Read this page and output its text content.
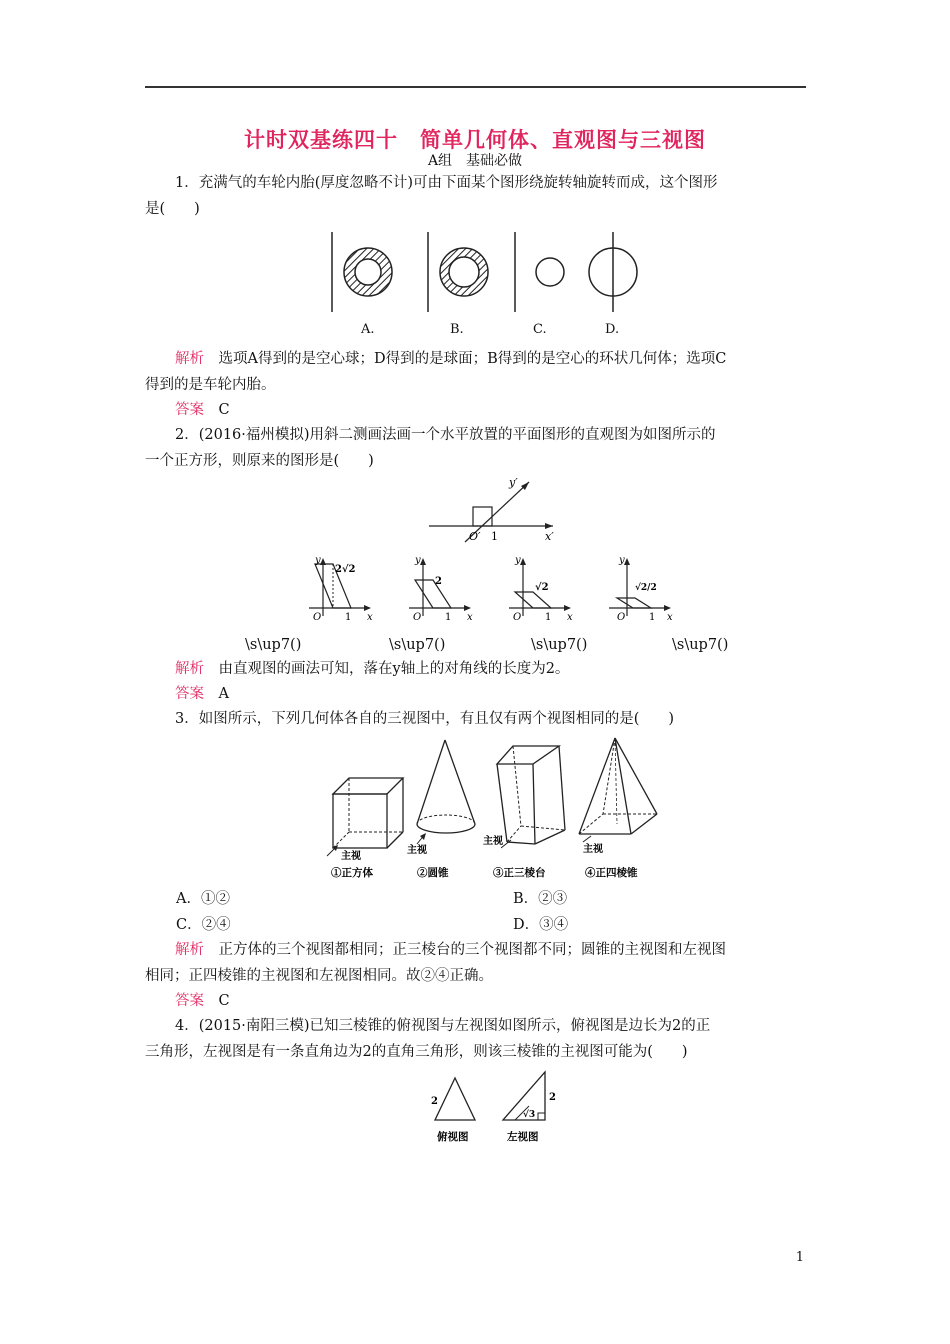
计时双基练四十　简单几何体、直观图与三视图
A组　基础必做
1．充满气的车轮内胎(厚度忽略不计)可由下面某个图形绕旋转轴旋转而成，这个图形
是(　　)
A.	B.	C.	D.
解析　选项A得到的是空心球；D得到的是球面；B得到的是空心的环状几何体；选项C
得到的是车轮内胎。
答案　C
2．(2016·福州模拟)用斜二测画法画一个水平放置的平面图形的直观图为如图所示的
一个正方形，则原来的图形是(　　)
y′
x′
O′ 1
y
x
O 1
2√2
y
x
O 1
2
y
x
O 1
√2
y
x
O 1
√2/2
\s\up7()	\s\up7()	\s\up7()	\s\up7()
解析　由直观图的画法可知，落在y轴上的对角线的长度为2。
答案　A
3．如图所示，下列几何体各自的三视图中，有且仅有两个视图相同的是(　　)
主视
主视
主视
主视
①正方体	②圆锥	③正三棱台	④正四棱锥
A．①②	B．②③
C．②④	D．③④
解析　正方体的三个视图都相同；正三棱台的三个视图都不同；圆锥的主视图和左视图
相同；正四棱锥的主视图和左视图相同。故②④正确。
答案　C
4．(2015·南阳三模)已知三棱锥的俯视图与左视图如图所示，俯视图是边长为2的正
三角形，左视图是有一条直角边为2的直角三角形，则该三棱锥的主视图可能为(　　)
2	2
√3
俯视图	左视图
1
